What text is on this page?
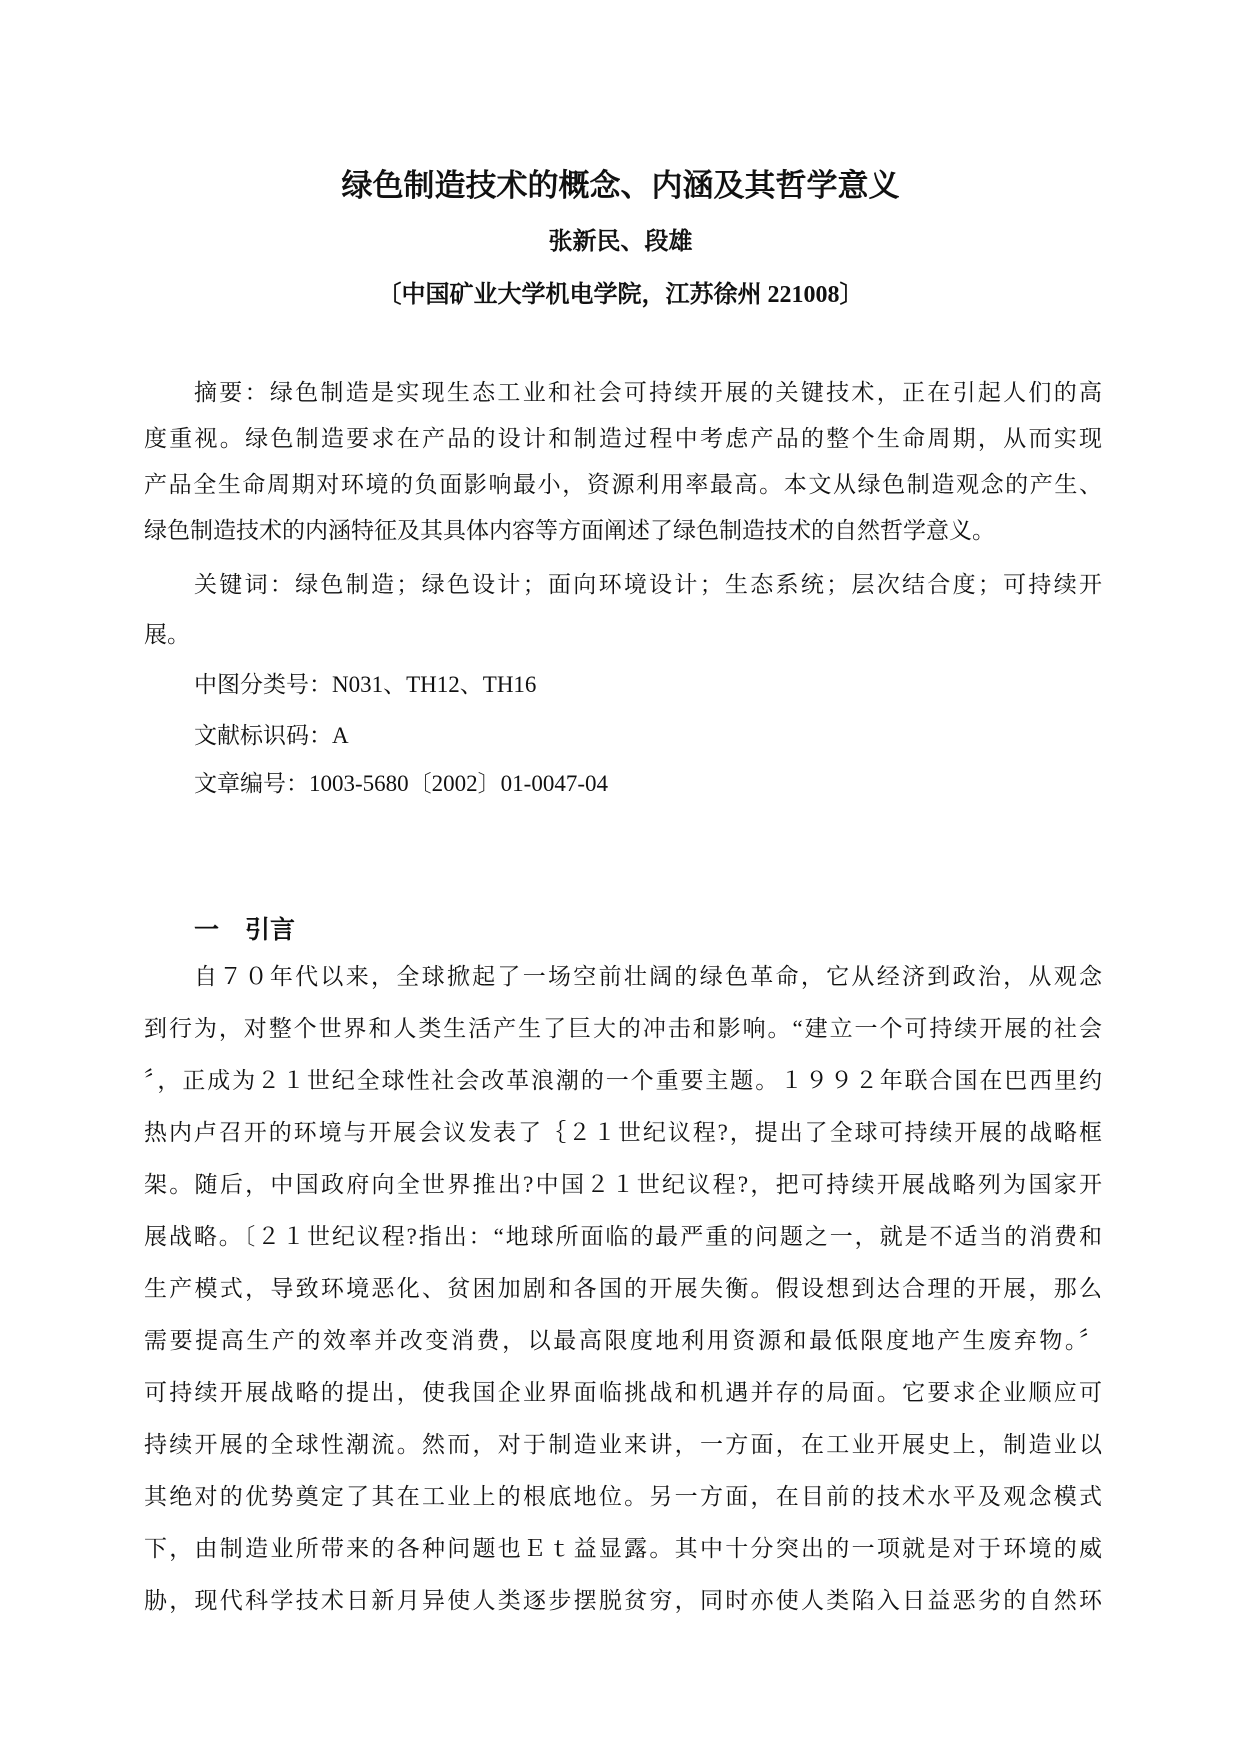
绿色制造技术的概念、内涵及其哲学意义
张新民、段雄
〔中国矿业大学机电学院，江苏徐州 221008〕
摘要：绿色制造是实现生态工业和社会可持续开展的关键技术，正在引起人们的高
度重视。绿色制造要求在产品的设计和制造过程中考虑产品的整个生命周期，从而实现
产品全生命周期对环境的负面影响最小，资源利用率最高。本文从绿色制造观念的产生、
绿色制造技术的内涵特征及其具体内容等方面阐述了绿色制造技术的自然哲学意义。
关键词：绿色制造；绿色设计；面向环境设计；生态系统；层次结合度；可持续开
展。
中图分类号：N031、TH12、TH16
文献标识码：A
文章编号：1003-5680〔2002〕01-0047-04
一 引言
自７０年代以来，全球掀起了一场空前壮阔的绿色革命，它从经济到政治，从观念
到行为，对整个世界和人类生活产生了巨大的冲击和影响。“建立一个可持续开展的社会
〞，正成为２１世纪全球性社会改革浪潮的一个重要主题。１９９２年联合国在巴西里约
热内卢召开的环境与开展会议发表了｛２１世纪议程?，提出了全球可持续开展的战略框
架。随后，中国政府向全世界推出?中国２１世纪议程?，把可持续开展战略列为国家开
展战略。〔２１世纪议程?指出：“地球所面临的最严重的问题之一，就是不适当的消费和
生产模式，导致环境恶化、贫困加剧和各国的开展失衡。假设想到达合理的开展，那么
需要提高生产的效率并改变消费，以最高限度地利用资源和最低限度地产生废弃物。〞
可持续开展战略的提出，使我国企业界面临挑战和机遇并存的局面。它要求企业顺应可
持续开展的全球性潮流。然而，对于制造业来讲，一方面，在工业开展史上，制造业以
其绝对的优势奠定了其在工业上的根底地位。另一方面，在目前的技术水平及观念模式
下，由制造业所带来的各种问题也Ｅｔ益显露。其中十分突出的一项就是对于环境的威
胁，现代科学技术日新月异使人类逐步摆脱贫穷，同时亦使人类陷入日益恶劣的自然环
